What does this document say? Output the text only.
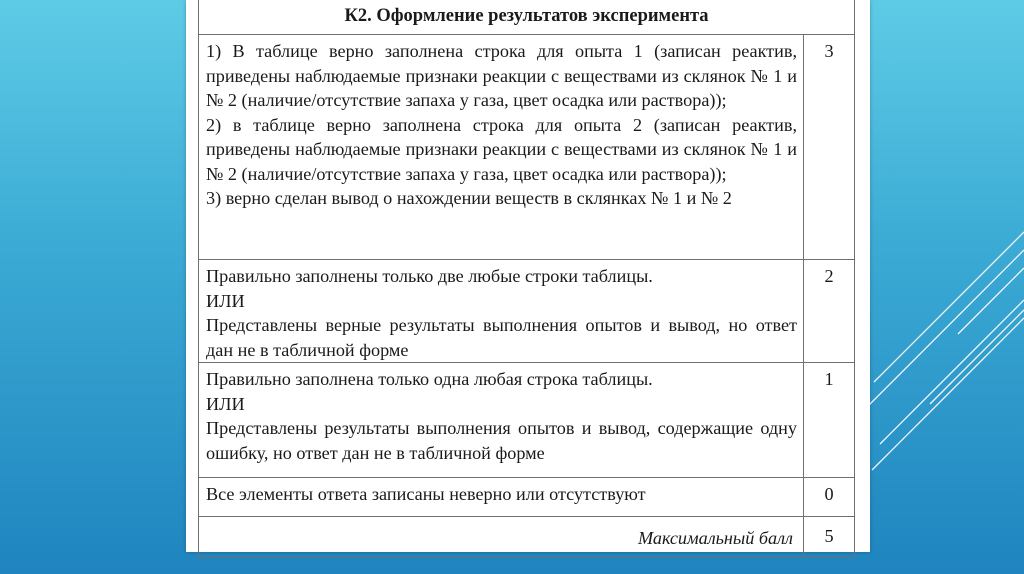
К2. Оформление результатов эксперимента	

1) В таблице верно заполнена строка для опыта 1 (записан реактив, приведены наблюдаемые признаки реакции с веществами из склянок № 1 и № 2 (наличие/отсутствие запаха у газа, цвет осадка или раствора));
2) в таблице верно заполнена строка для опыта 2 (записан реактив, приведены наблюдаемые признаки реакции с веществами из склянок № 1 и № 2 (наличие/отсутствие запаха у газа, цвет осадка или раствора));
3) верно сделан вывод о нахождении веществ в склянках № 1 и № 2	3

Правильно заполнены только две любые строки таблицы.
ИЛИ
Представлены верные результаты выполнения опытов и вывод, но ответ дан не в табличной форме	2

Правильно заполнена только одна любая строка таблицы.
ИЛИ
Представлены результаты выполнения опытов и вывод, содержащие одну ошибку, но ответ дан не в табличной форме	1

Все элементы ответа записаны неверно или отсутствуют	0
Максимальный балл	5
